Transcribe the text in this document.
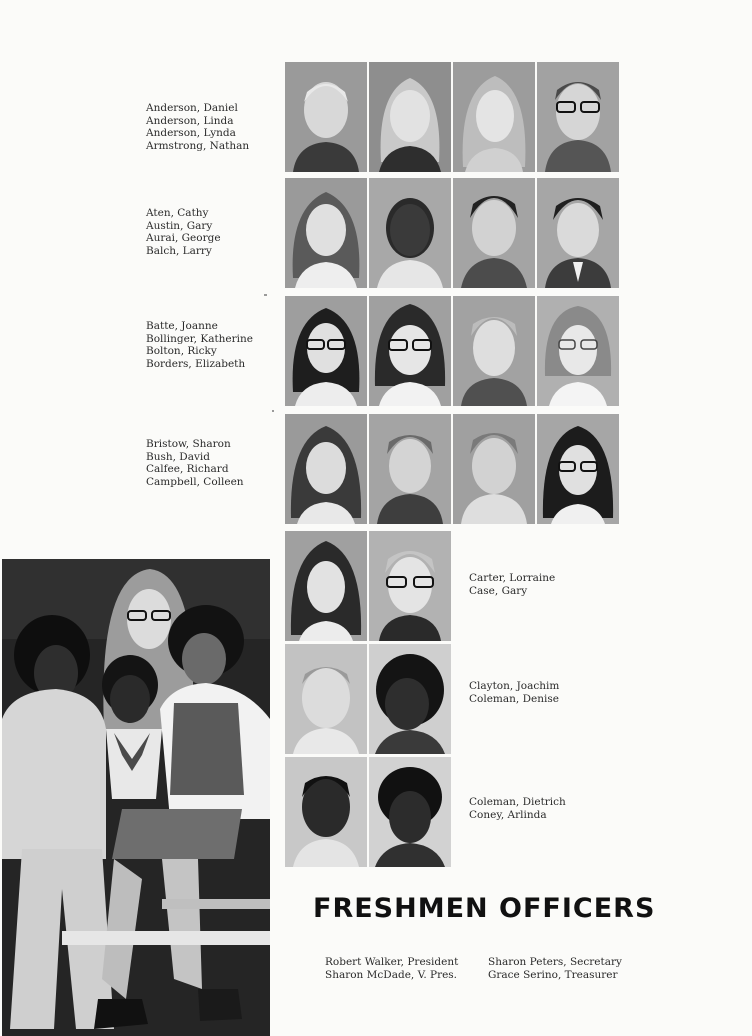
Anderson, Daniel
Anderson, Linda
Anderson, Lynda
Armstrong, Nathan
Aten, Cathy
Austin, Gary
Aurai, George
Balch, Larry
Batte, Joanne
Bollinger, Katherine
Bolton, Ricky
Borders, Elizabeth
Bristow, Sharon
Bush, David
Calfee, Richard
Campbell, Colleen
Carter, Lorraine
Case, Gary
Clayton, Joachim
Coleman, Denise
Coleman, Dietrich
Coney, Arlinda
FRESHMEN OFFICERS
Robert Walker, President
Sharon McDade, V. Pres.
Sharon Peters, Secretary
Grace Serino, Treasurer
